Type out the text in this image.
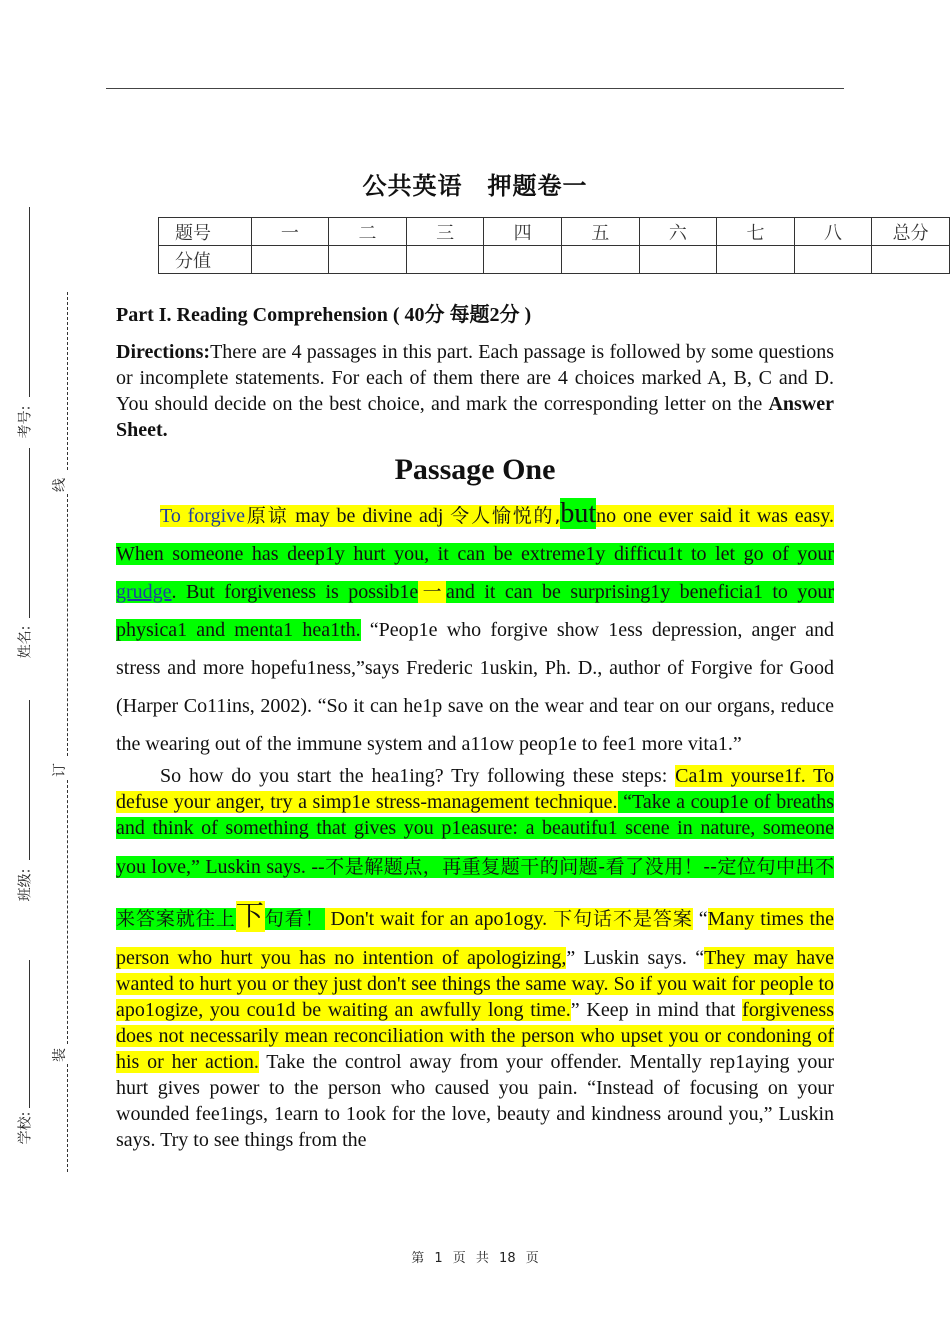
考号:
姓名:
班级:
学校:
线
订
装
公共英语　押题卷一
题号	一	二	三	四	五	六	七	八	总分
分值									

Part I. Reading Comprehension ( 40分 每题2分 )

Directions:There are 4 passages in this part. Each passage is followed by some questions or incomplete statements. For each of them there are 4 choices marked A, B, C and D. You should decide on the best choice, and mark the corresponding letter on the Answer Sheet.

Passage One
To forgive原谅 may be divine adj 令人愉悦的,butno one ever said it was easy. When someone has deep1y hurt you, it can be extreme1y difficu1t to let go of your grudge. But forgiveness is possib1e一and it can be surprising1y beneficia1 to your physica1 and menta1 hea1th. “Peop1e who forgive show 1ess depression, anger and stress and more hopefu1ness,”says Frederic 1uskin, Ph. D., author of Forgive for Good (Harper Co11ins, 2002). “So it can he1p save on the wear and tear on our organs, reduce the wearing out of the immune system and a11ow peop1e to fee1 more vita1.”
So how do you start the hea1ing? Try following these steps: Ca1m yourse1f. To defuse your anger, try a simp1e stress-management technique. “Take a coup1e of breaths and think of something that gives you p1easure: a beautifu1 scene in nature, someone you love,” Luskin says. --不是解题点，再重复题干的问题-看了没用！--定位句中出不来答案就往上下句看！ Don't wait for an apo1ogy. 下句话不是答案 “Many times the person who hurt you has no intention of apologizing,” Luskin says. “They may have wanted to hurt you or they just don't see things the same way. So if you wait for people to apo1ogize, you cou1d be waiting an awfully long time.” Keep in mind that forgiveness does not necessarily mean reconciliation with the person who upset you or condoning of his or her action. Take the control away from your offender. Mentally rep1aying your hurt gives power to the person who caused you pain. “Instead of focusing on your wounded fee1ings, 1earn to 1ook for the love, beauty and kindness around you,” Luskin says. Try to see things from the
第 1 页 共 18 页
